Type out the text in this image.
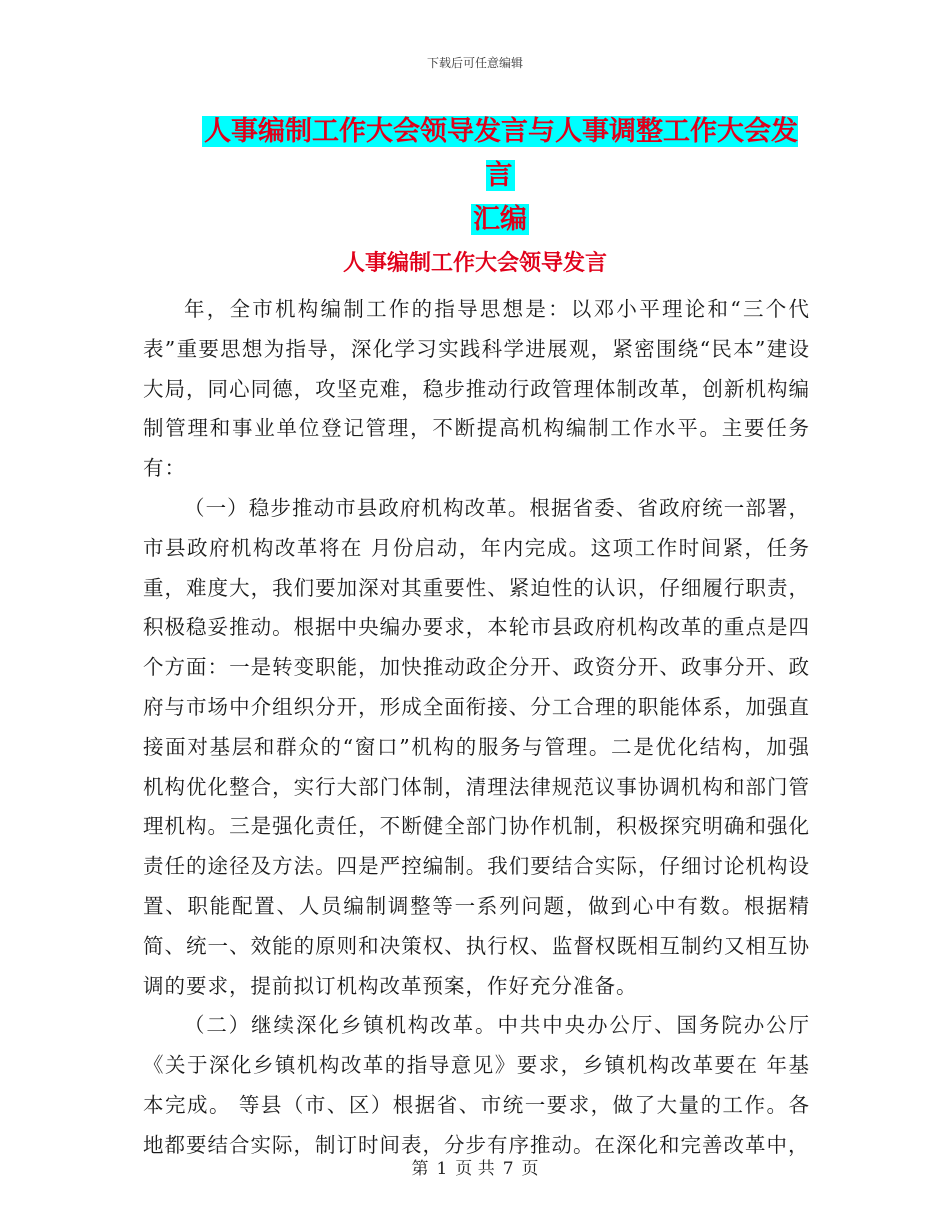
下载后可任意编辑
人事编制工作大会领导发言与人事调整工作大会发言
汇编
人事编制工作大会领导发言

年，全市机构编制工作的指导思想是：以邓小平理论和“三个代表”重要思想为指导，深化学习实践科学进展观，紧密围绕“民本”建设大局，同心同德，攻坚克难，稳步推动行政管理体制改革，创新机构编制管理和事业单位登记管理，不断提高机构编制工作水平。主要任务有：

（一）稳步推动市县政府机构改革。根据省委、省政府统一部署，市县政府机构改革将在 月份启动，年内完成。这项工作时间紧，任务重，难度大，我们要加深对其重要性、紧迫性的认识，仔细履行职责，积极稳妥推动。根据中央编办要求，本轮市县政府机构改革的重点是四个方面：一是转变职能，加快推动政企分开、政资分开、政事分开、政府与市场中介组织分开，形成全面衔接、分工合理的职能体系，加强直接面对基层和群众的“窗口”机构的服务与管理。二是优化结构，加强机构优化整合，实行大部门体制，清理法律规范议事协调机构和部门管理机构。三是强化责任，不断健全部门协作机制，积极探究明确和强化责任的途径及方法。四是严控编制。我们要结合实际，仔细讨论机构设置、职能配置、人员编制调整等一系列问题，做到心中有数。根据精简、统一、效能的原则和决策权、执行权、监督权既相互制约又相互协调的要求，提前拟订机构改革预案，作好充分准备。

（二）继续深化乡镇机构改革。中共中央办公厅、国务院办公厅《关于深化乡镇机构改革的指导意见》要求，乡镇机构改革要在 年基本完成。 等县（市、区）根据省、市统一要求，做了大量的工作。各地都要结合实际，制订时间表，分步有序推动。在深化和完善改革中，

第 1 页 共 7 页
